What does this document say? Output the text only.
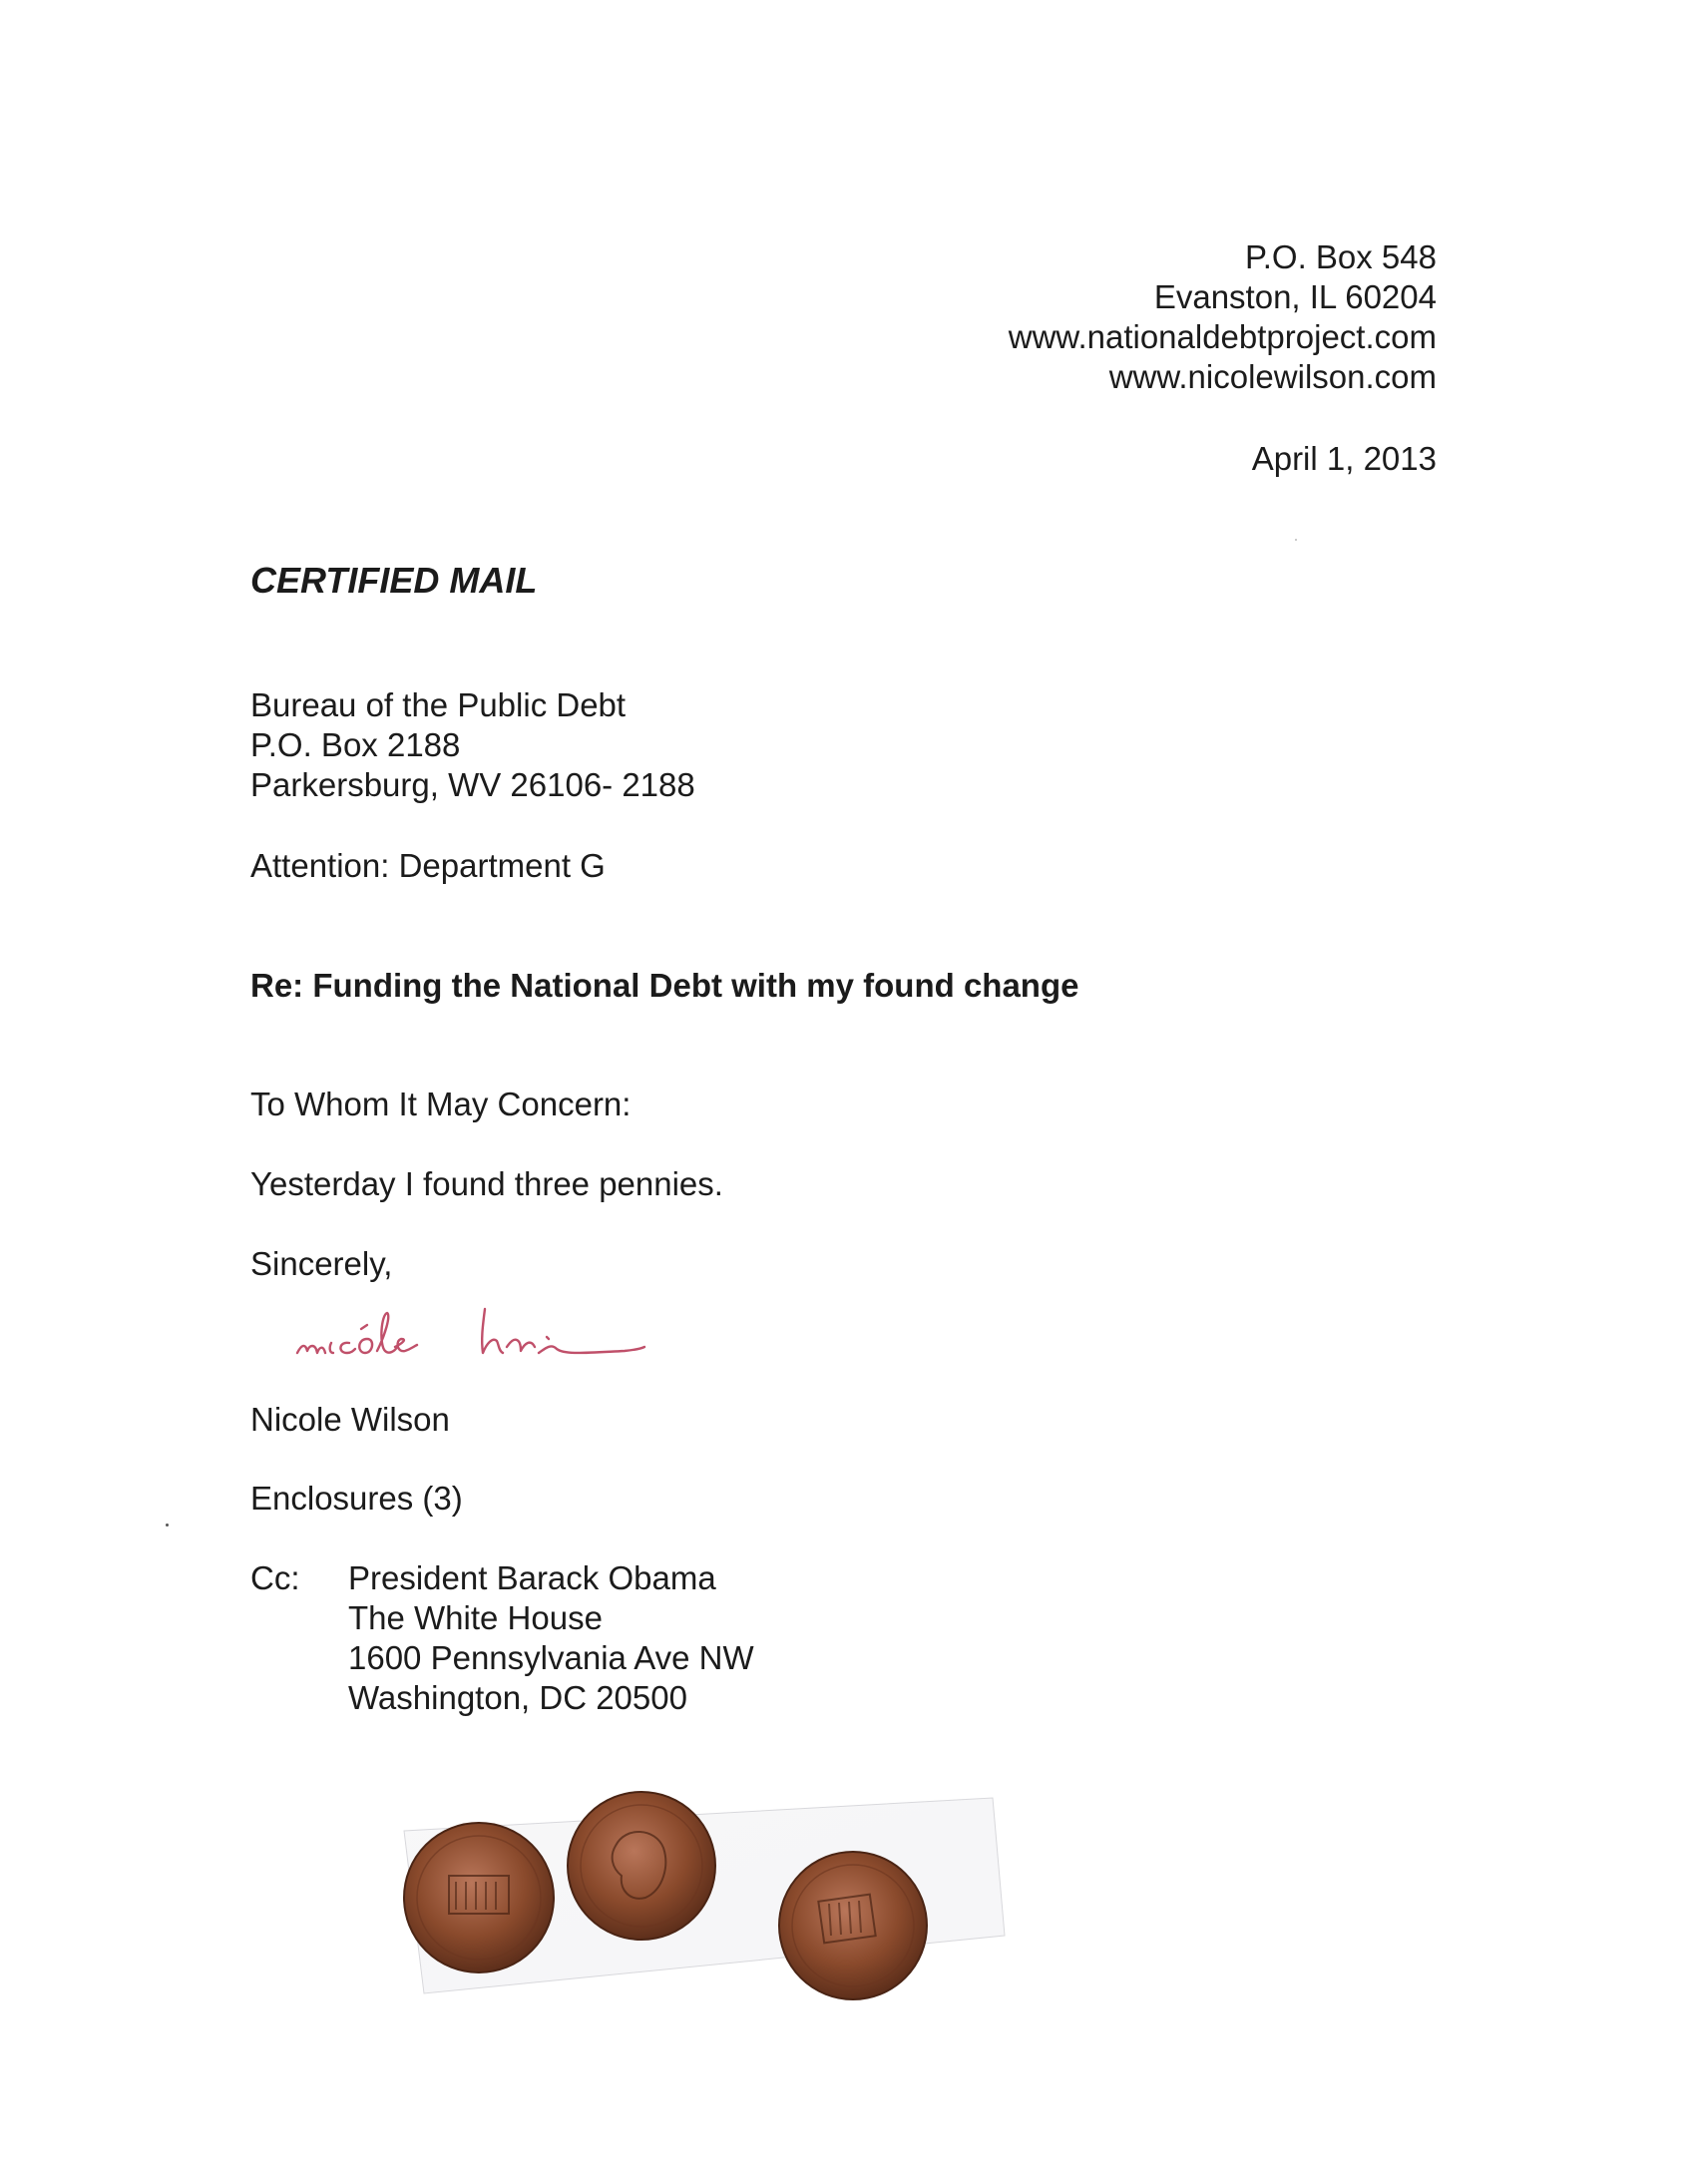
P.O. Box 548
Evanston, IL 60204
www.nationaldebtproject.com
www.nicolewilson.com
April 1, 2013
CERTIFIED MAIL
Bureau of the Public Debt
P.O. Box 2188
Parkersburg, WV 26106- 2188
Attention: Department G
Re: Funding the National Debt with my found change
To Whom It May Concern:
Yesterday I found three pennies.
Sincerely,
Nicole Wilson
Enclosures (3)
Cc: President Barack Obama
The White House
1600 Pennsylvania Ave NW
Washington, DC 20500
